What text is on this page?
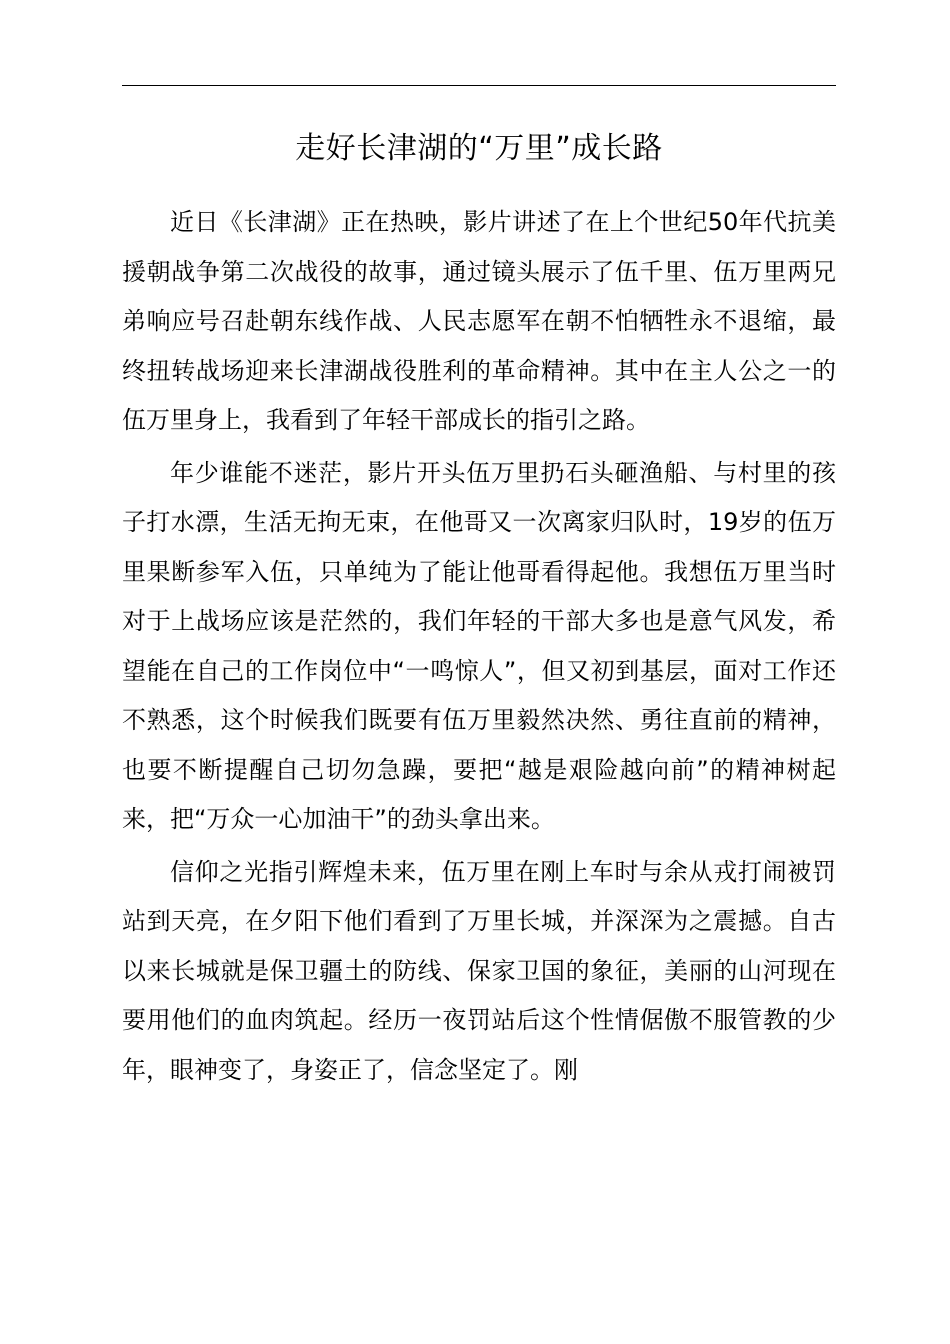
走好长津湖的“万里”成长路

近日《长津湖》正在热映，影片讲述了在上个世纪50年代抗美援朝战争第二次战役的故事，通过镜头展示了伍千里、伍万里两兄弟响应号召赴朝东线作战、人民志愿军在朝不怕牺牲永不退缩，最终扭转战场迎来长津湖战役胜利的革命精神。其中在主人公之一的伍万里身上，我看到了年轻干部成长的指引之路。

年少谁能不迷茫，影片开头伍万里扔石头砸渔船、与村里的孩子打水漂，生活无拘无束，在他哥又一次离家归队时，19岁的伍万里果断参军入伍，只单纯为了能让他哥看得起他。我想伍万里当时对于上战场应该是茫然的，我们年轻的干部大多也是意气风发，希望能在自己的工作岗位中“一鸣惊人”，但又初到基层，面对工作还不熟悉，这个时候我们既要有伍万里毅然决然、勇往直前的精神，也要不断提醒自己切勿急躁，要把“越是艰险越向前”的精神树起来，把“万众一心加油干”的劲头拿出来。

信仰之光指引辉煌未来，伍万里在刚上车时与余从戎打闹被罚站到天亮，在夕阳下他们看到了万里长城，并深深为之震撼。自古以来长城就是保卫疆土的防线、保家卫国的象征，美丽的山河现在要用他们的血肉筑起。经历一夜罚站后这个性情倨傲不服管教的少年，眼神变了，身姿正了，信念坚定了。刚
